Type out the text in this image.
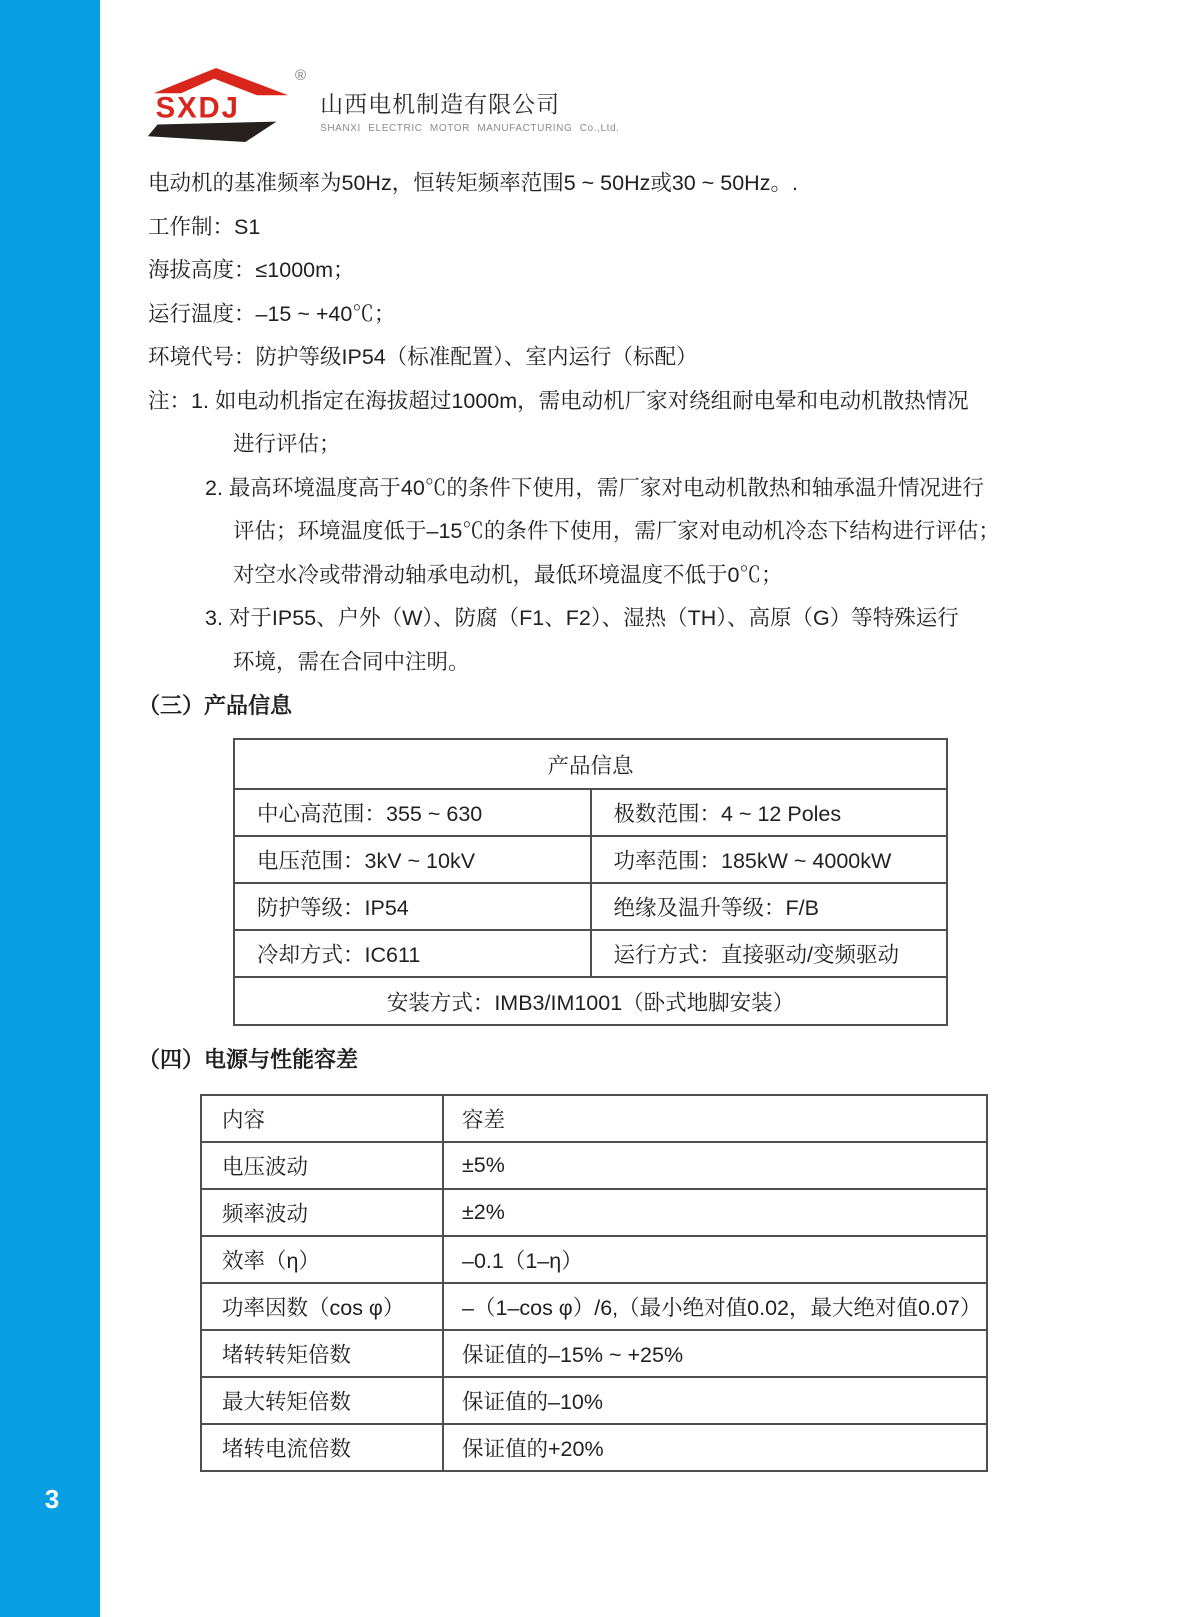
3
SXDJ
®
山西电机制造有限公司
SHANXI ELECTRIC MOTOR MANUFACTURING Co.,Ltd.
电动机的基准频率为50Hz，恒转矩频率范围5 ~ 50Hz或30 ~ 50Hz。.
工作制：S1
海拔高度：≤1000m；
运行温度：–15 ~ +40℃；
环境代号：防护等级IP54（标准配置）、室内运行（标配）
注：1. 如电动机指定在海拔超过1000m，需电动机厂家对绕组耐电晕和电动机散热情况
进行评估；
2. 最高环境温度高于40℃的条件下使用，需厂家对电动机散热和轴承温升情况进行
评估；环境温度低于–15℃的条件下使用，需厂家对电动机冷态下结构进行评估；
对空水冷或带滑动轴承电动机，最低环境温度不低于0℃；
3. 对于IP55、户外（W）、防腐（F1、F2）、湿热（TH）、高原（G）等特殊运行
环境，需在合同中注明。
（三）产品信息
产品信息	
中心高范围：355 ~ 630	极数范围：4 ~ 12 Poles
电压范围：3kV ~ 10kV	功率范围：185kW ~ 4000kW
防护等级：IP54	绝缘及温升等级：F/B
冷却方式：IC611	运行方式：直接驱动/变频驱动
安装方式：IMB3/IM1001（卧式地脚安装）	
（四）电源与性能容差
内容	容差
电压波动	±5%
频率波动	±2%
效率（η）	–0.1（1–η）
功率因数（cos φ）	–（1–cos φ）/6,（最小绝对值0.02，最大绝对值0.07）
堵转转矩倍数	保证值的–15% ~ +25%
最大转矩倍数	保证值的–10%
堵转电流倍数	保证值的+20%
